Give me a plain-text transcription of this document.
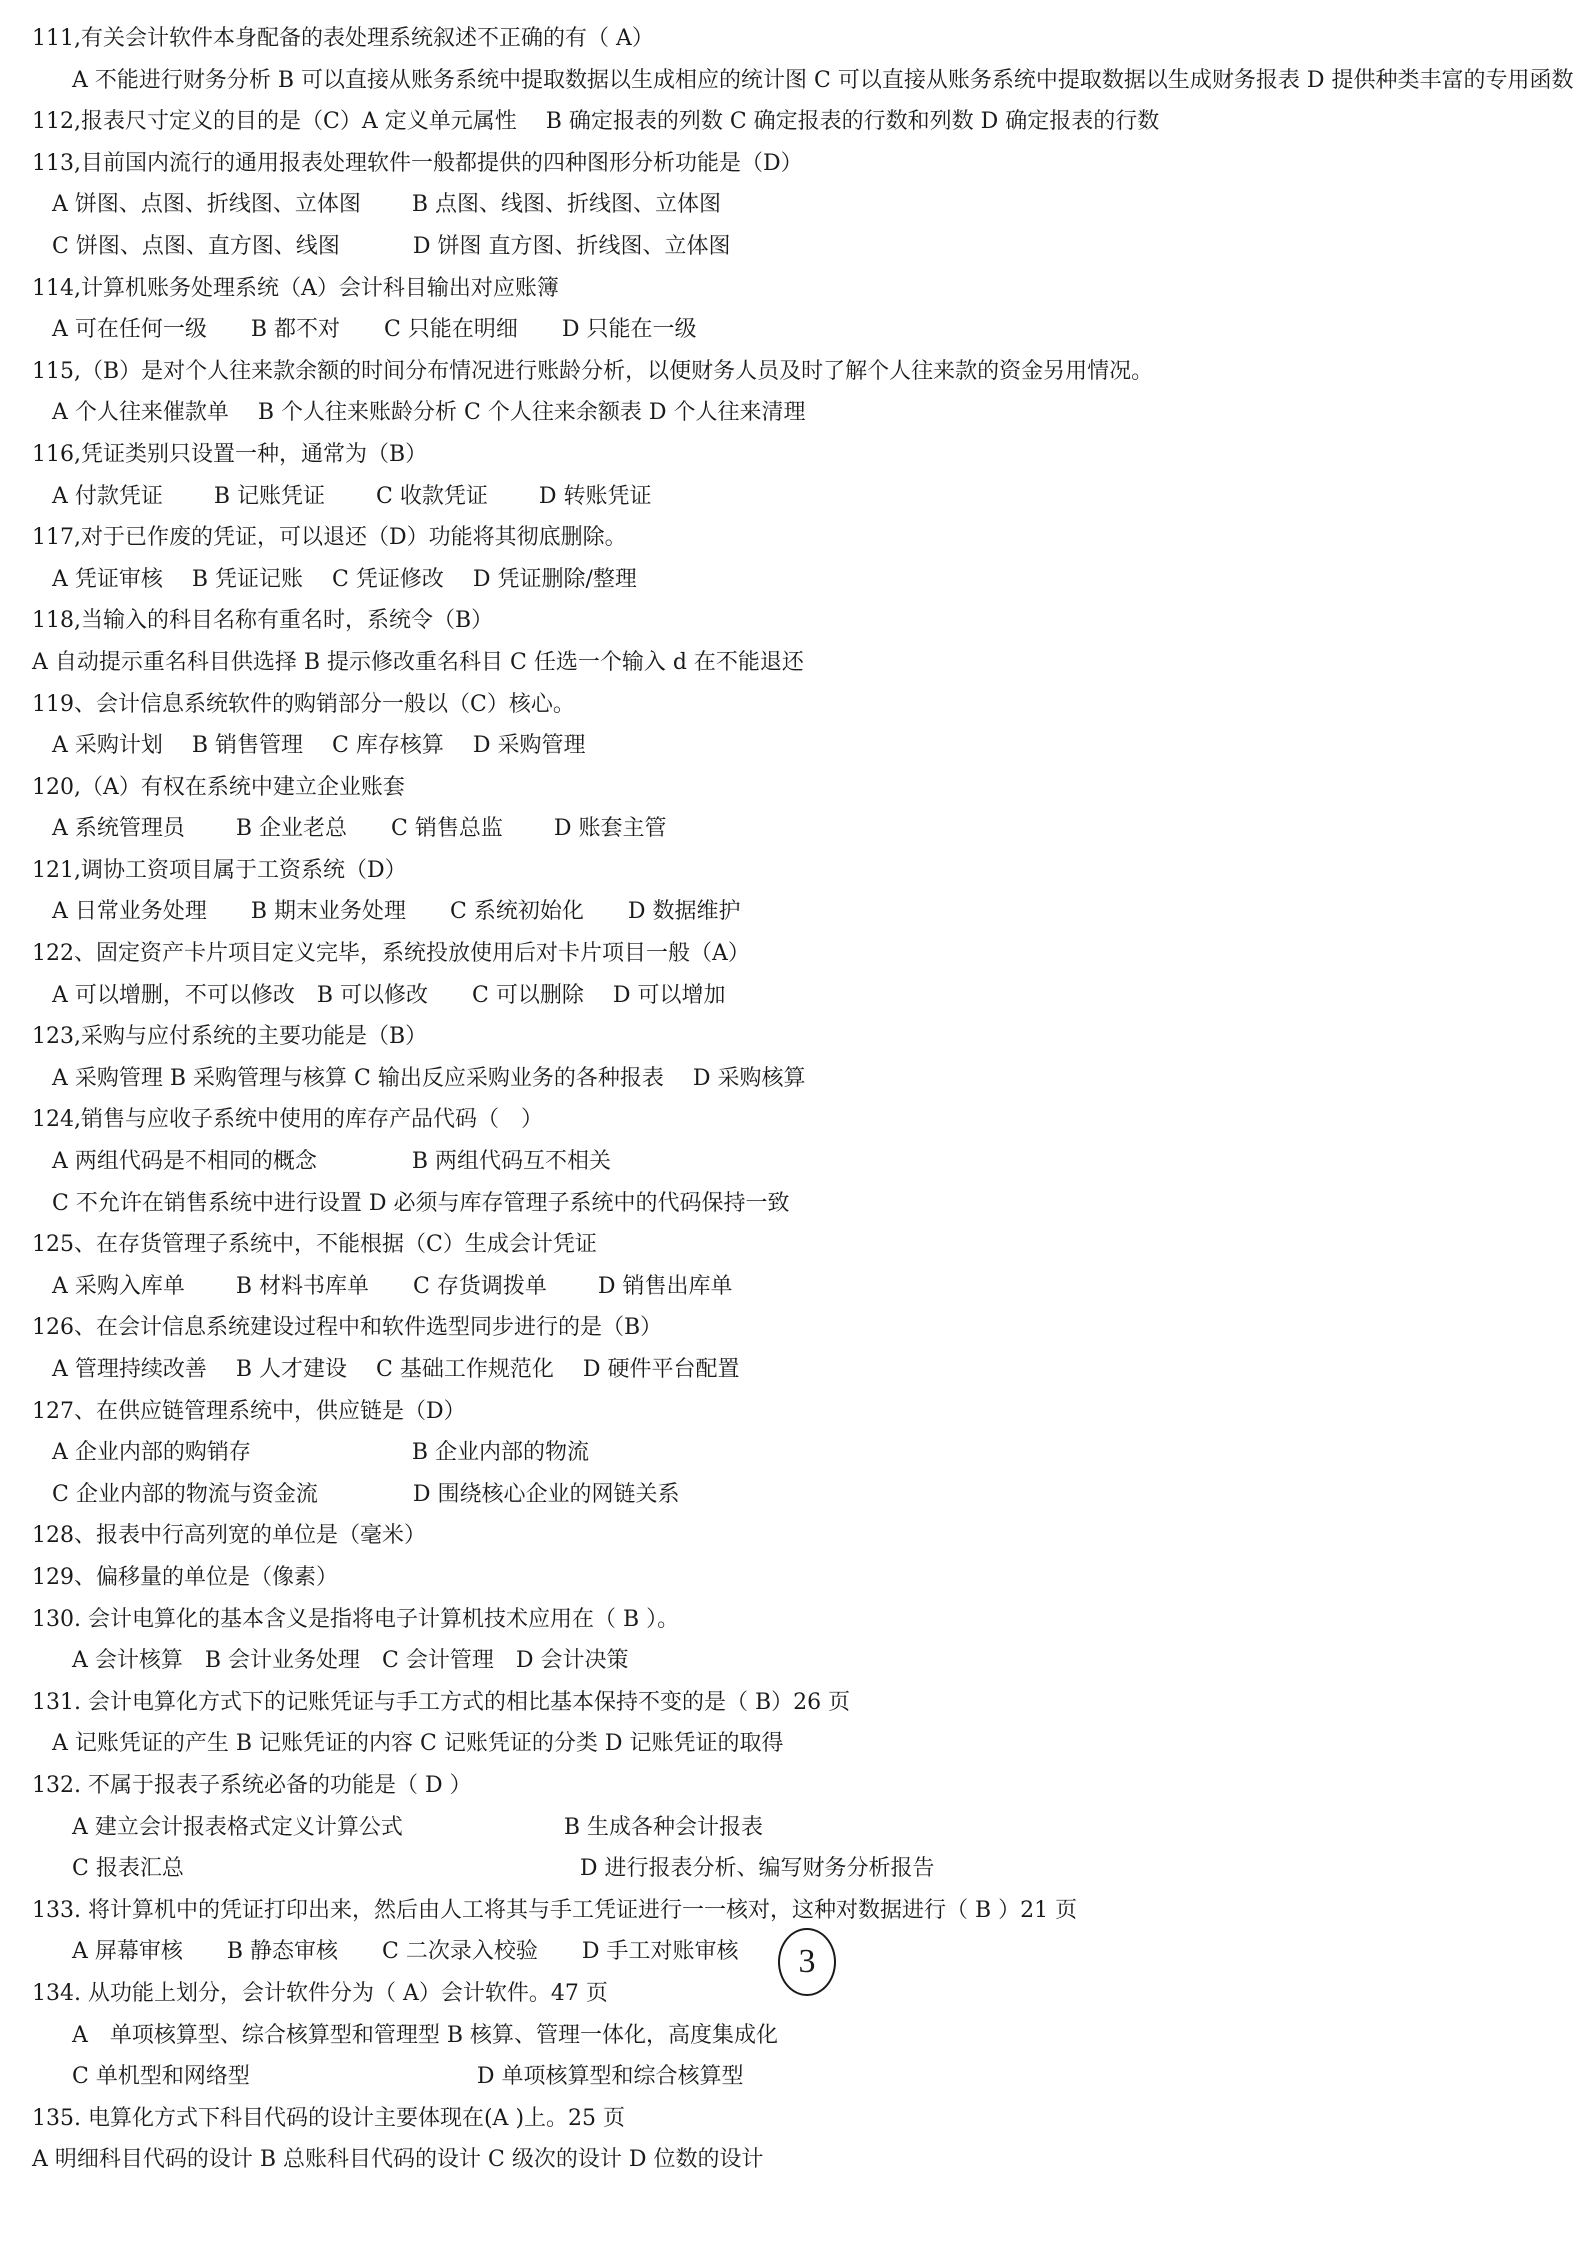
111,有关会计软件本身配备的表处理系统叙述不正确的有（ A）
A 不能进行财务分析 B 可以直接从账务系统中提取数据以生成相应的统计图 C 可以直接从账务系统中提取数据以生成财务报表 D 提供种类丰富的专用函数
112,报表尺寸定义的目的是（C）A 定义单元属性　 B 确定报表的列数 C 确定报表的行数和列数 D 确定报表的行数
113,目前国内流行的通用报表处理软件一般都提供的四种图形分析功能是（D）
A 饼图、点图、折线图、立体图　　 B 点图、线图、折线图、立体图
C 饼图、点图、直方图、线图　　　 D 饼图 直方图、折线图、立体图
114,计算机账务处理系统（A）会计科目输出对应账簿
A 可在任何一级　　B 都不对　　C 只能在明细　　D 只能在一级
115,（B）是对个人往来款余额的时间分布情况进行账龄分析，以便财务人员及时了解个人往来款的资金另用情况。
A 个人往来催款单　 B 个人往来账龄分析 C 个人往来余额表 D 个人往来清理
116,凭证类别只设置一种，通常为（B）
A 付款凭证　　 B 记账凭证　　 C 收款凭证　　 D 转账凭证
117,对于已作废的凭证，可以退还（D）功能将其彻底删除。
A 凭证审核　 B 凭证记账　 C 凭证修改　 D 凭证删除/整理
118,当输入的科目名称有重名时，系统令（B）
A 自动提示重名科目供选择 B 提示修改重名科目 C 任选一个输入 d 在不能退还
119、会计信息系统软件的购销部分一般以（C）核心。
A 采购计划　 B 销售管理　 C 库存核算　 D 采购管理
120,（A）有权在系统中建立企业账套
A 系统管理员　　 B 企业老总　　C 销售总监　　 D 账套主管
121,调协工资项目属于工资系统（D）
A 日常业务处理　　B 期末业务处理　　C 系统初始化　　D 数据维护
122、固定资产卡片项目定义完毕，系统投放使用后对卡片项目一般（A）
A 可以增删，不可以修改　B 可以修改　　C 可以删除　 D 可以增加
123,采购与应付系统的主要功能是（B）
A 采购管理 B 采购管理与核算 C 输出反应采购业务的各种报表　 D 采购核算
124,销售与应收子系统中使用的库存产品代码（　）
A 两组代码是不相同的概念　　　　 B 两组代码互不相关
C 不允许在销售系统中进行设置 D 必须与库存管理子系统中的代码保持一致
125、在存货管理子系统中，不能根据（C）生成会计凭证
A 采购入库单　　 B 材料书库单　　C 存货调拨单　　 D 销售出库单
126、在会计信息系统建设过程中和软件选型同步进行的是（B）
A 管理持续改善　 B 人才建设　 C 基础工作规范化　 D 硬件平台配置
127、在供应链管理系统中，供应链是（D）
A 企业内部的购销存　　　　　　　 B 企业内部的物流
C 企业内部的物流与资金流　　　　 D 围绕核心企业的网链关系
128、报表中行高列宽的单位是（毫米）
129、偏移量的单位是（像素）
130. 会计电算化的基本含义是指将电子计算机技术应用在（ B ）。
A 会计核算　B 会计业务处理　C 会计管理　D 会计决策
131. 会计电算化方式下的记账凭证与手工方式的相比基本保持不变的是（ B）26 页
A 记账凭证的产生 B 记账凭证的内容 C 记账凭证的分类 D 记账凭证的取得
132. 不属于报表子系统必备的功能是（ D ）
A 建立会计报表格式定义计算公式　　　　　　　 B 生成各种会计报表
C 报表汇总　　　　　　　　　　　　　　　　　　D 进行报表分析、编写财务分析报告
133. 将计算机中的凭证打印出来，然后由人工将其与手工凭证进行一一核对，这种对数据进行（ B ）21 页
A 屏幕审核　　B 静态审核　　C 二次录入校验　　D 手工对账审核
134. 从功能上划分，会计软件分为（ A）会计软件。47 页
A　单项核算型、综合核算型和管理型 B 核算、管理一体化，高度集成化
C 单机型和网络型　　　　　　　　　　 D 单项核算型和综合核算型
135. 电算化方式下科目代码的设计主要体现在(A )上。25 页
A 明细科目代码的设计 B 总账科目代码的设计 C 级次的设计 D 位数的设计
3
